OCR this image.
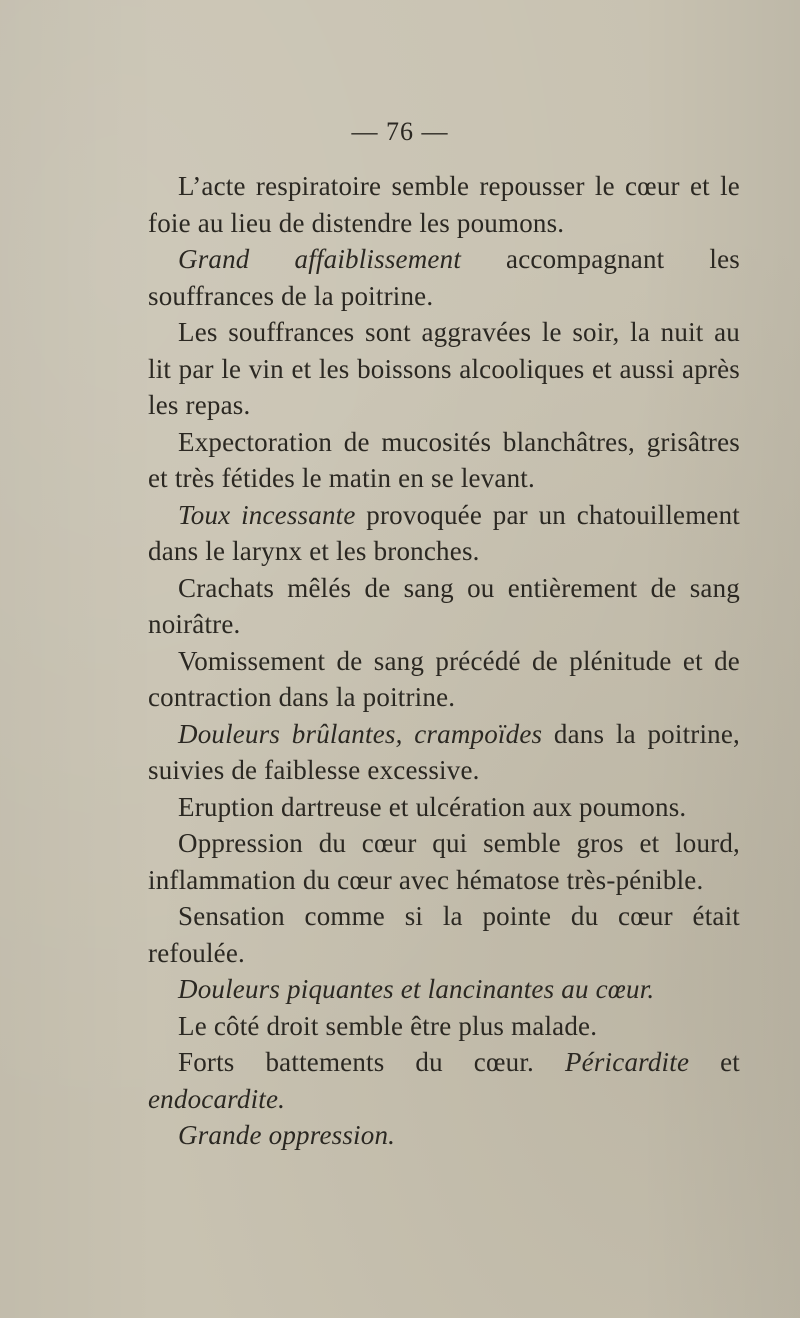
— 76 —

L’acte respiratoire semble repousser le cœur et le foie au lieu de distendre les poumons.

Grand affaiblissement accompagnant les souffrances de la poitrine.

Les souffrances sont aggravées le soir, la nuit au lit par le vin et les boissons alcooliques et aussi après les repas.

Expectoration de mucosités blanchâtres, grisâtres et très fétides le matin en se levant.

Toux incessante provoquée par un chatouillement dans le larynx et les bronches.

Crachats mêlés de sang ou entièrement de sang noirâtre.

Vomissement de sang précédé de plénitude et de contraction dans la poitrine.

Douleurs brûlantes, crampoïdes dans la poitrine, suivies de faiblesse excessive.

Eruption dartreuse et ulcération aux poumons.

Oppression du cœur qui semble gros et lourd, inflammation du cœur avec hématose très-pénible.

Sensation comme si la pointe du cœur était refoulée.

Douleurs piquantes et lancinantes au cœur.

Le côté droit semble être plus malade.

Forts battements du cœur. Péricardite et endocardite.

Grande oppression.
